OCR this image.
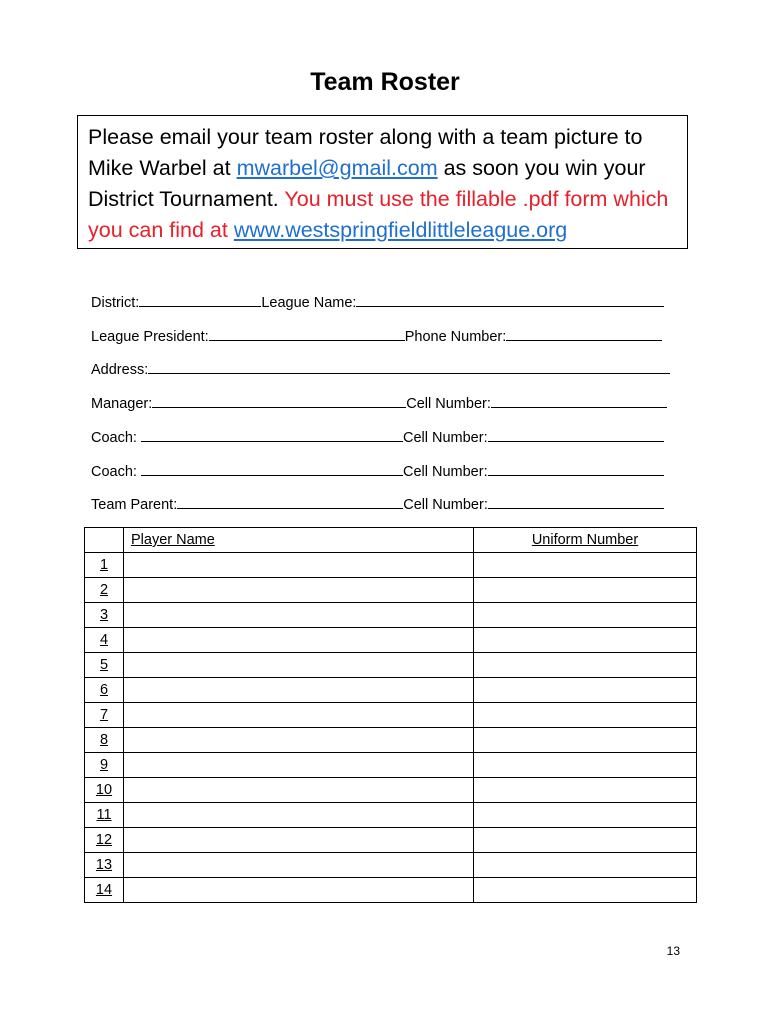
Team Roster
Please email your team roster along with a team picture to Mike Warbel at mwarbel@gmail.com as soon you win your District Tournament. You must use the fillable .pdf form which you can find at www.westspringfieldlittleleague.org
District:	League Name:
League President:	Phone Number:
Address:
Manager:	Cell Number:
Coach:	Cell Number:
Coach:	Cell Number:
Team Parent:	Cell Number:
	Player Name	Uniform Number
1		
2		
3		
4		
5		
6		
7		
8		
9		
10		
11		
12		
13		
14		
13
